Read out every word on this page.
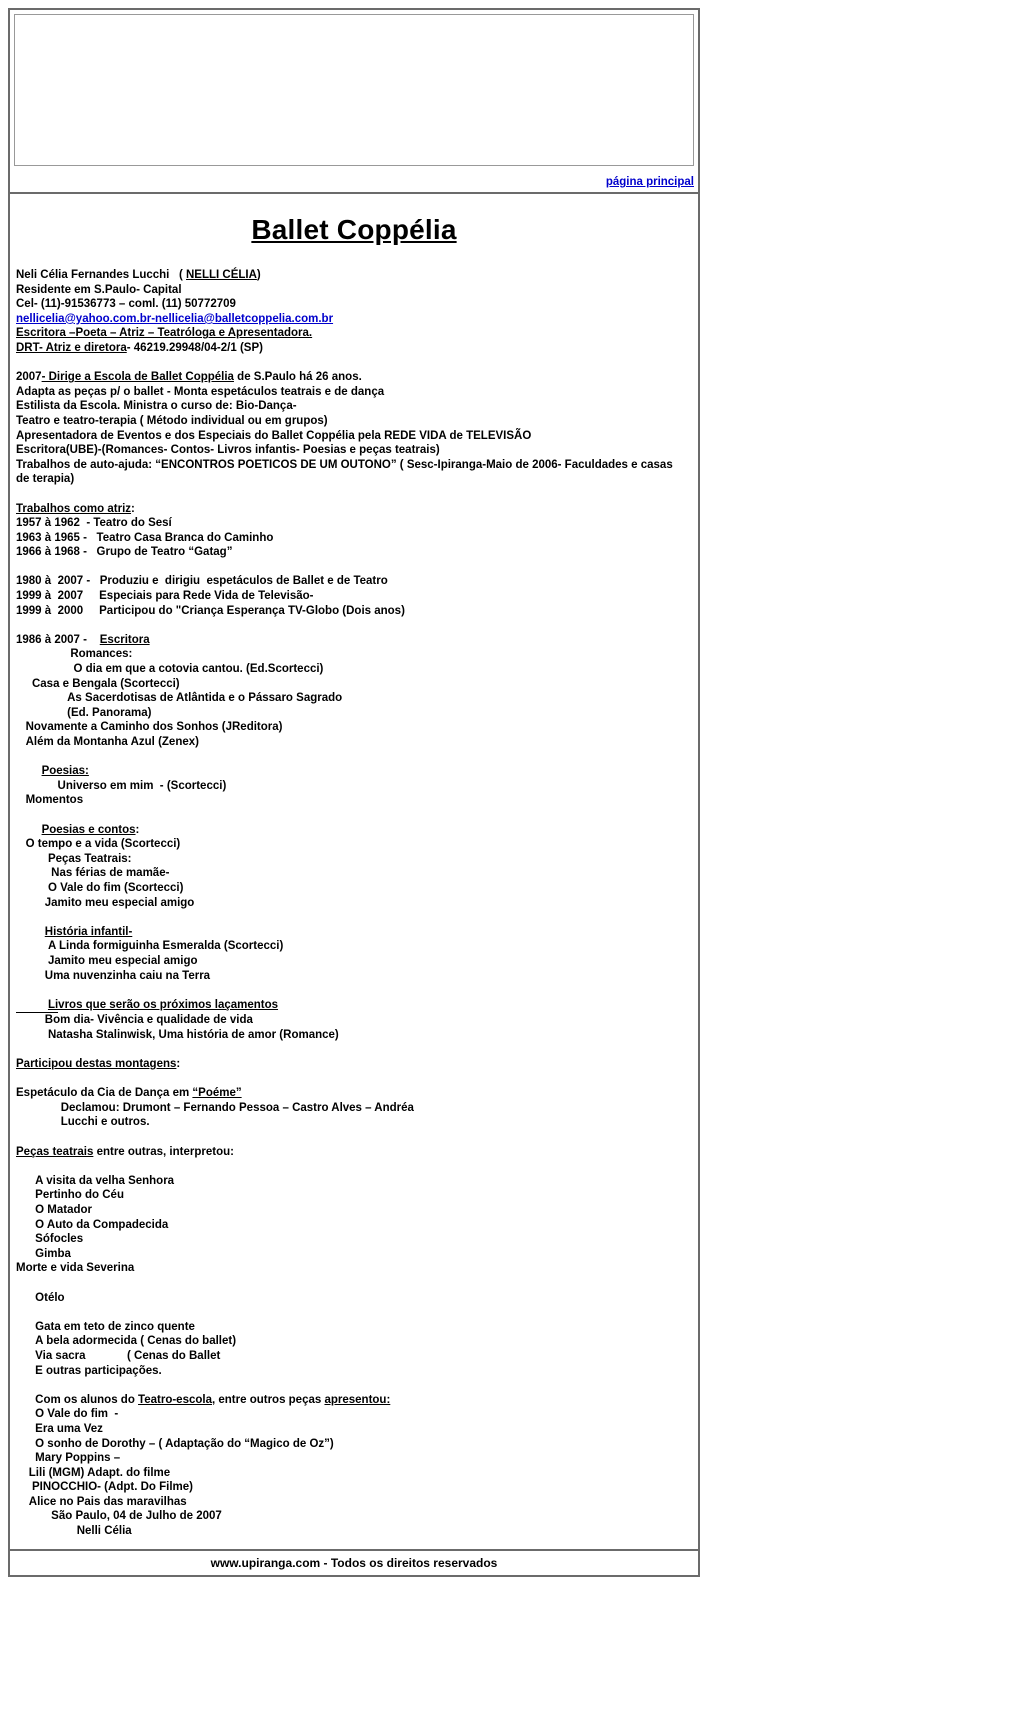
página principal
Ballet Coppélia
Neli Célia Fernandes Lucchi   ( NELLI CÉLIA)
Residente em S.Paulo- Capital
Cel- (11)-91536773 – coml. (11) 50772709
nellicelia@yahoo.com.br-nellicelia@balletcoppelia.com.br
Escritora –Poeta – Atriz – Teatróloga e Apresentadora.
DRT- Atriz e diretora- 46219.29948/04-2/1 (SP)
2007- Dirige a Escola de Ballet Coppélia de S.Paulo há 26 anos.
Adapta as peças p/ o ballet - Monta espetáculos teatrais e de dança
Estilista da Escola. Ministra o curso de: Bio-Dança-
Teatro e teatro-terapia ( Método individual ou em grupos)
Apresentadora de Eventos e dos Especiais do Ballet Coppélia pela REDE VIDA de TELEVISÃO
Escritora(UBE)-(Romances- Contos- Livros infantis- Poesias e peças teatrais)
Trabalhos de auto-ajuda: “ENCONTROS POETICOS DE UM OUTONO” ( Sesc-Ipiranga-Maio de 2006- Faculdades e casas
de terapia)
Trabalhos como atriz:
1957 à 1962  - Teatro do Sesí
1963 à 1965 -   Teatro Casa Branca do Caminho
1966 à 1968 -   Grupo de Teatro “Gatag”
1980 à  2007 -   Produziu e  dirigiu  espetáculos de Ballet e de Teatro
1999 à  2007     Especiais para Rede Vida de Televisão-
1999 à  2000     Participou do "Criança Esperança TV-Globo (Dois anos)
1986 à 2007 -    Escritora
Romances:
O dia em que a cotovia cantou. (Ed.Scortecci)
Casa e Bengala (Scortecci)
As Sacerdotisas de Atlântida e o Pássaro Sagrado
(Ed. Panorama)
Novamente a Caminho dos Sonhos (JReditora)
Além da Montanha Azul (Zenex)
Poesias:
Universo em mim  - (Scortecci)
Momentos
Poesias e contos:
O tempo e a vida (Scortecci)
Peças Teatrais:
Nas férias de mamãe-
O Vale do fim (Scortecci)
Jamito meu especial amigo
História infantil-
A Linda formiguinha Esmeralda (Scortecci)
Jamito meu especial amigo
Uma nuvenzinha caiu na Terra
Livros que serão os próximos laçamentos
Bom dia- Vivência e qualidade de vida
Natasha Stalinwisk, Uma história de amor (Romance)
Participou destas montagens:
Espetáculo da Cia de Dança em “Poéme”
Declamou: Drumont – Fernando Pessoa – Castro Alves – Andréa
Lucchi e outros.
Peças teatrais entre outras, interpretou:
A visita da velha Senhora
Pertinho do Céu
O Matador
O Auto da Compadecida
Sófocles
Gimba
Morte e vida Severina
Otélo
Gata em teto de zinco quente
A bela adormecida ( Cenas do ballet)
Via sacra             ( Cenas do Ballet
E outras participações.
Com os alunos do Teatro-escola, entre outros peças apresentou:
O Vale do fim  -
Era uma Vez
O sonho de Dorothy – ( Adaptação do “Magico de Oz”)
Mary Poppins –
Lili (MGM) Adapt. do filme
PINOCCHIO- (Adpt. Do Filme)
Alice no Pais das maravilhas
São Paulo, 04 de Julho de 2007
Nelli Célia
www.upiranga.com - Todos os direitos reservados
